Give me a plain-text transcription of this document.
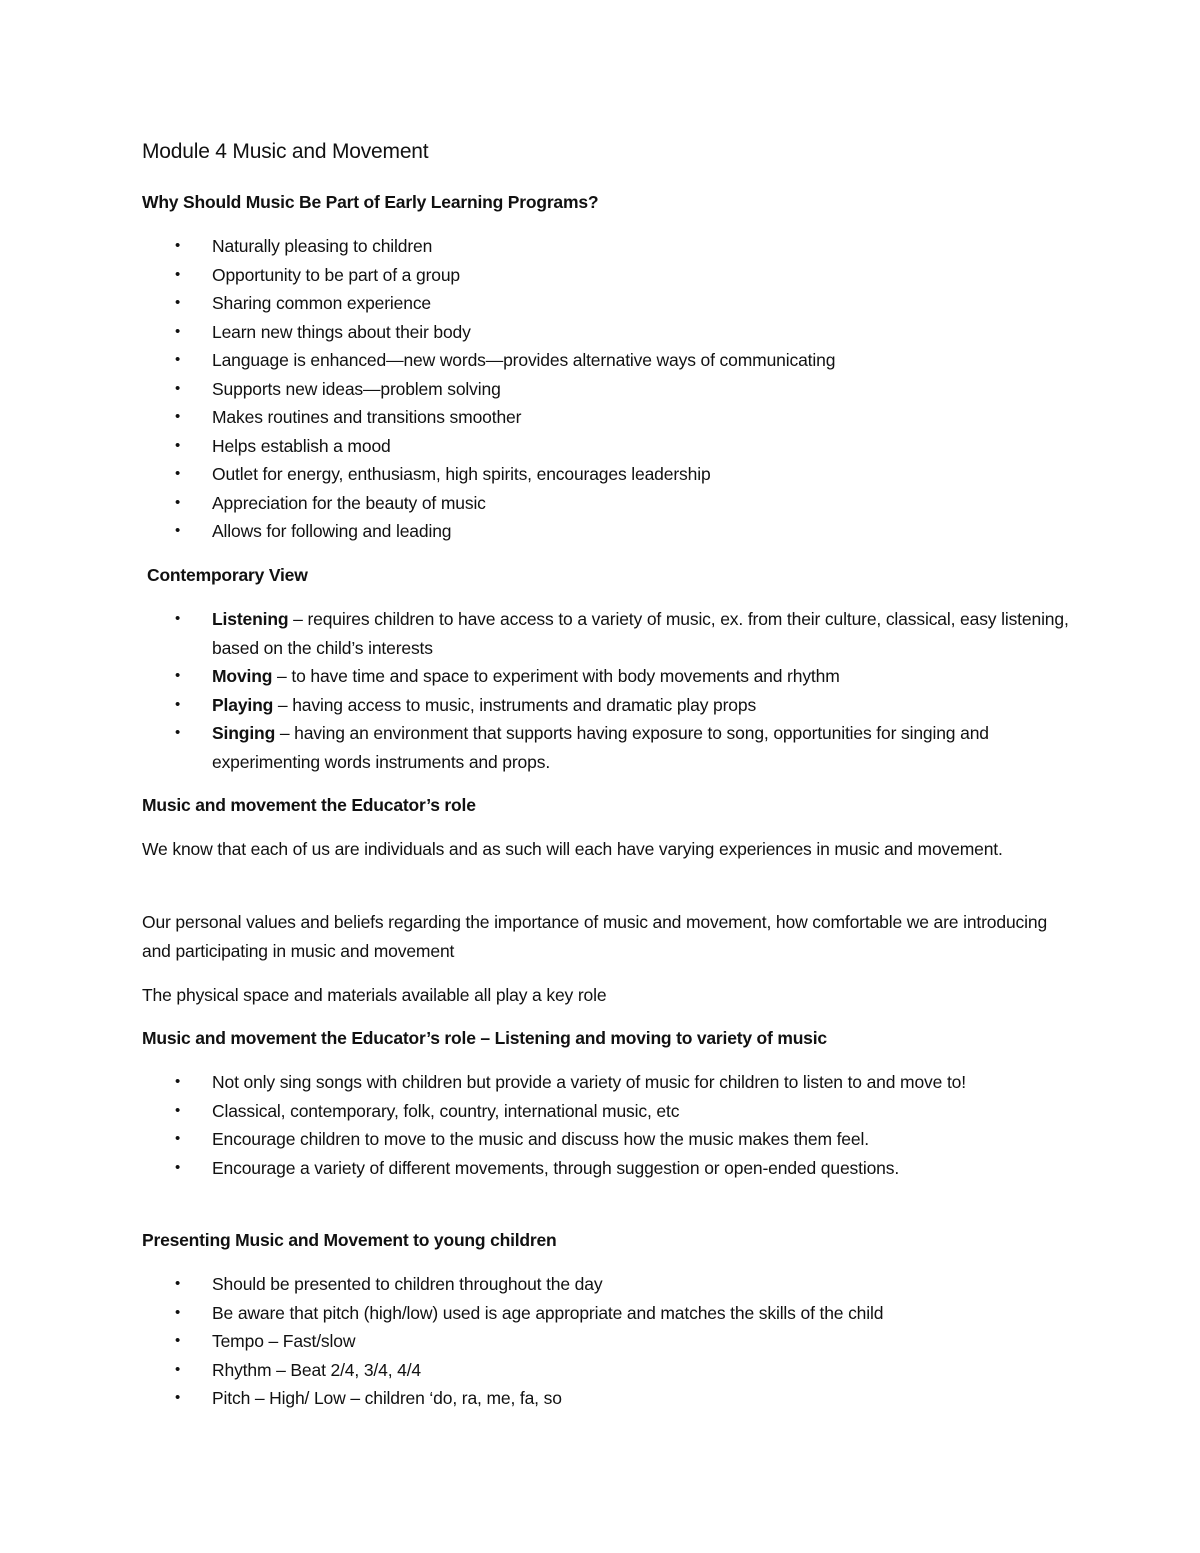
Module 4 Music and Movement
Why Should Music Be Part of Early Learning Programs?
• Naturally pleasing to children
• Opportunity to be part of a group
• Sharing common experience
• Learn new things about their body
• Language is enhanced—new words—provides alternative ways of communicating
• Supports new ideas—problem solving
• Makes routines and transitions smoother
• Helps establish a mood
• Outlet for energy, enthusiasm, high spirits, encourages leadership
• Appreciation for the beauty of music
• Allows for following and leading
Contemporary View
• Listening – requires children to have access to a variety of music, ex. from their culture, classical, easy listening, based on the child’s interests
• Moving – to have time and space to experiment with body movements and rhythm
• Playing – having access to music, instruments and dramatic play props
• Singing – having an environment that supports having exposure to song, opportunities for singing and experimenting words instruments and props.
Music and movement the Educator’s role

We know that each of us are individuals and as such will each have varying experiences in music and movement.

Our personal values and beliefs regarding the importance of music and movement, how comfortable we are introducing and participating in music and movement

The physical space and materials available all play a key role

Music and movement the Educator’s role – Listening and moving to variety of music
• Not only sing songs with children but provide a variety of music for children to listen to and move to!
• Classical, contemporary, folk, country, international music, etc
• Encourage children to move to the music and discuss how the music makes them feel.
• Encourage a variety of different movements, through suggestion or open-ended questions.
Presenting Music and Movement to young children
• Should be presented to children throughout the day
• Be aware that pitch (high/low) used is age appropriate and matches the skills of the child
• Tempo – Fast/slow
• Rhythm – Beat 2/4, 3/4, 4/4
• Pitch – High/ Low – children ‘do, ra, me, fa, so
